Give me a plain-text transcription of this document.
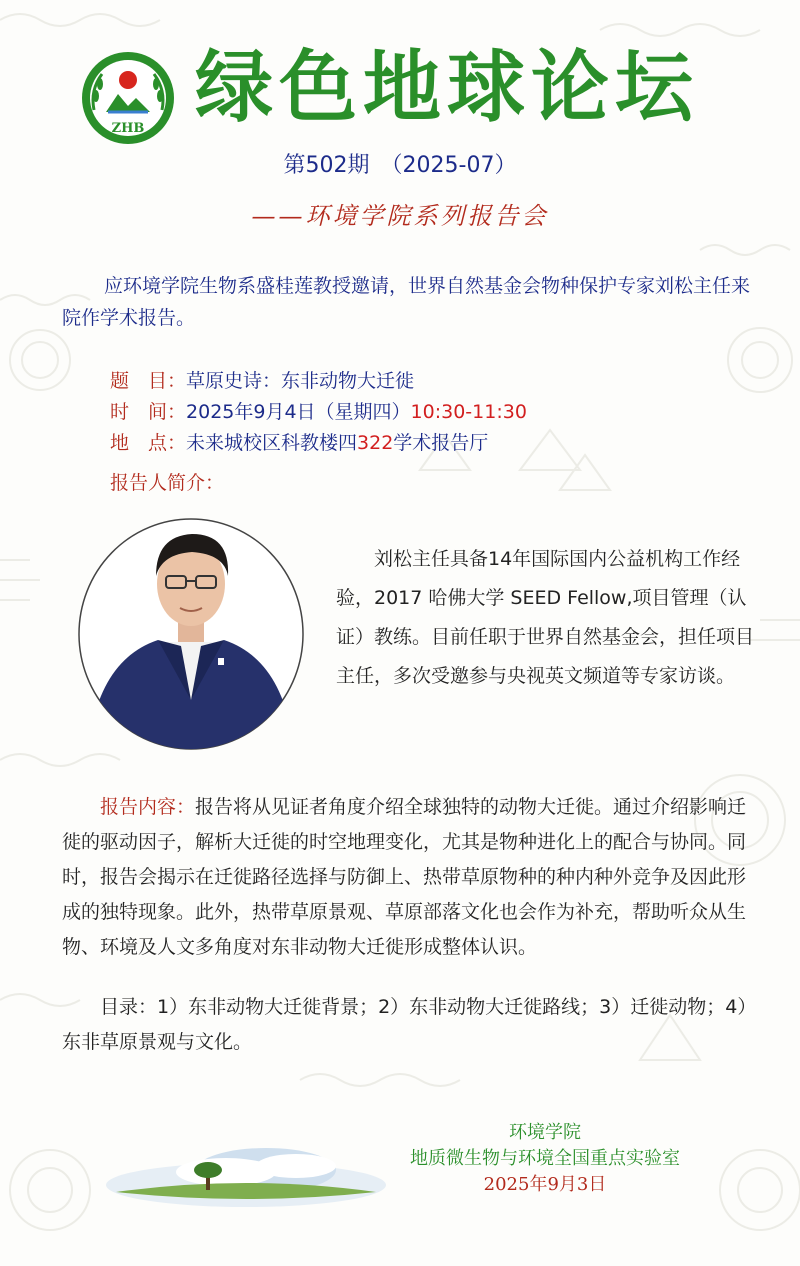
ZHB 绿色地球论坛
第502期　（2025-07）
——环境学院系列报告会
应环境学院生物系盛桂莲教授邀请，世界自然基金会物种保护专家刘松主任来院作学术报告。
题　目：草原史诗：东非动物大迁徙
时　间：2025年9月4日（星期四）10:30-11:30
地　点：未来城校区科教楼四322学术报告厅
报告人简介：
刘松主任具备14年国际国内公益机构工作经验，2017 哈佛大学 SEED Fellow,项目管理（认证）教练。目前任职于世界自然基金会，担任项目主任，多次受邀参与央视英文频道等专家访谈。
报告内容：报告将从见证者角度介绍全球独特的动物大迁徙。通过介绍影响迁徙的驱动因子，解析大迁徙的时空地理变化，尤其是物种进化上的配合与协同。同时，报告会揭示在迁徙路径选择与防御上、热带草原物种的种内种外竞争及因此形成的独特现象。此外，热带草原景观、草原部落文化也会作为补充，帮助听众从生物、环境及人文多角度对东非动物大迁徙形成整体认识。
目录：1）东非动物大迁徙背景；2）东非动物大迁徙路线；3）迁徙动物；4）东非草原景观与文化。
环境学院
地质微生物与环境全国重点实验室
2025年9月3日
